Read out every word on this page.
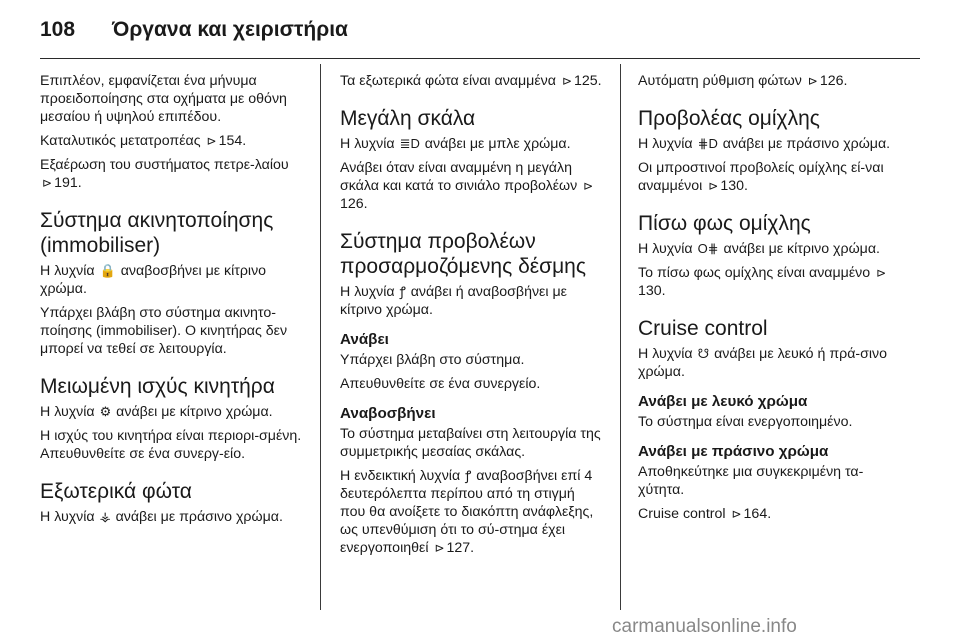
108 Όργανα και χειριστήρια

Επιπλέον, εμφανίζεται ένα μήνυμα προειδοποίησης στα οχήματα με οθόνη μεσαίου ή υψηλού επιπέδου.

Καταλυτικός μετατροπέας ⊳ 154.

Εξαέρωση του συστήματος πετρε-λαίου ⊳ 191.

Σύστημα ακινητοποίησης (immobiliser)

Η λυχνία 🔒 αναβοσβήνει με κίτρινο χρώμα.

Υπάρχει βλάβη στο σύστημα ακινητο-ποίησης (immobiliser). Ο κινητήρας δεν μπορεί να τεθεί σε λειτουργία.

Μειωμένη ισχύς κινητήρα

Η λυχνία ⚙ ανάβει με κίτρινο χρώμα.

Η ισχύς του κινητήρα είναι περιορι-σμένη. Απευθυνθείτε σε ένα συνεργ-είο.

Εξωτερικά φώτα

Η λυχνία ⚶ ανάβει με πράσινο χρώμα.

Τα εξωτερικά φώτα είναι αναμμένα ⊳ 125.

Μεγάλη σκάλα

Η λυχνία ≣D ανάβει με μπλε χρώμα.

Ανάβει όταν είναι αναμμένη η μεγάλη σκάλα και κατά το σινιάλο προβολέων ⊳126.

Σύστημα προβολέων προσαρμοζόμενης δέσμης

Η λυχνία ꝭ ανάβει ή αναβοσβήνει με κίτρινο χρώμα.

Ανάβει

Υπάρχει βλάβη στο σύστημα.

Απευθυνθείτε σε ένα συνεργείο.

Αναβοσβήνει

Το σύστημα μεταβαίνει στη λειτουργία της συμμετρικής μεσαίας σκάλας.

Η ενδεικτική λυχνία ꝭ αναβοσβήνει επί 4 δευτερόλεπτα περίπου από τη στιγμή που θα ανοίξετε το διακόπτη ανάφλεξης, ως υπενθύμιση ότι το σύ-στημα έχει ενεργοποιηθεί ⊳ 127.

Αυτόματη ρύθμιση φώτων ⊳ 126.

Προβολέας ομίχλης

Η λυχνία ⋕D ανάβει με πράσινο χρώμα.

Οι μπροστινοί προβολείς ομίχλης εί-ναι αναμμένοι ⊳ 130.

Πίσω φως ομίχλης

Η λυχνία O⋕ ανάβει με κίτρινο χρώμα.

Το πίσω φως ομίχλης είναι αναμμένο ⊳130.

Cruise control

Η λυχνία ☋ ανάβει με λευκό ή πρά-σινο χρώμα.

Ανάβει με λευκό χρώμα

Το σύστημα είναι ενεργοποιημένο.

Ανάβει με πράσινο χρώμα

Αποθηκεύτηκε μια συγκεκριμένη τα-χύτητα.

Cruise control ⊳ 164.

carmanualsonline.info
